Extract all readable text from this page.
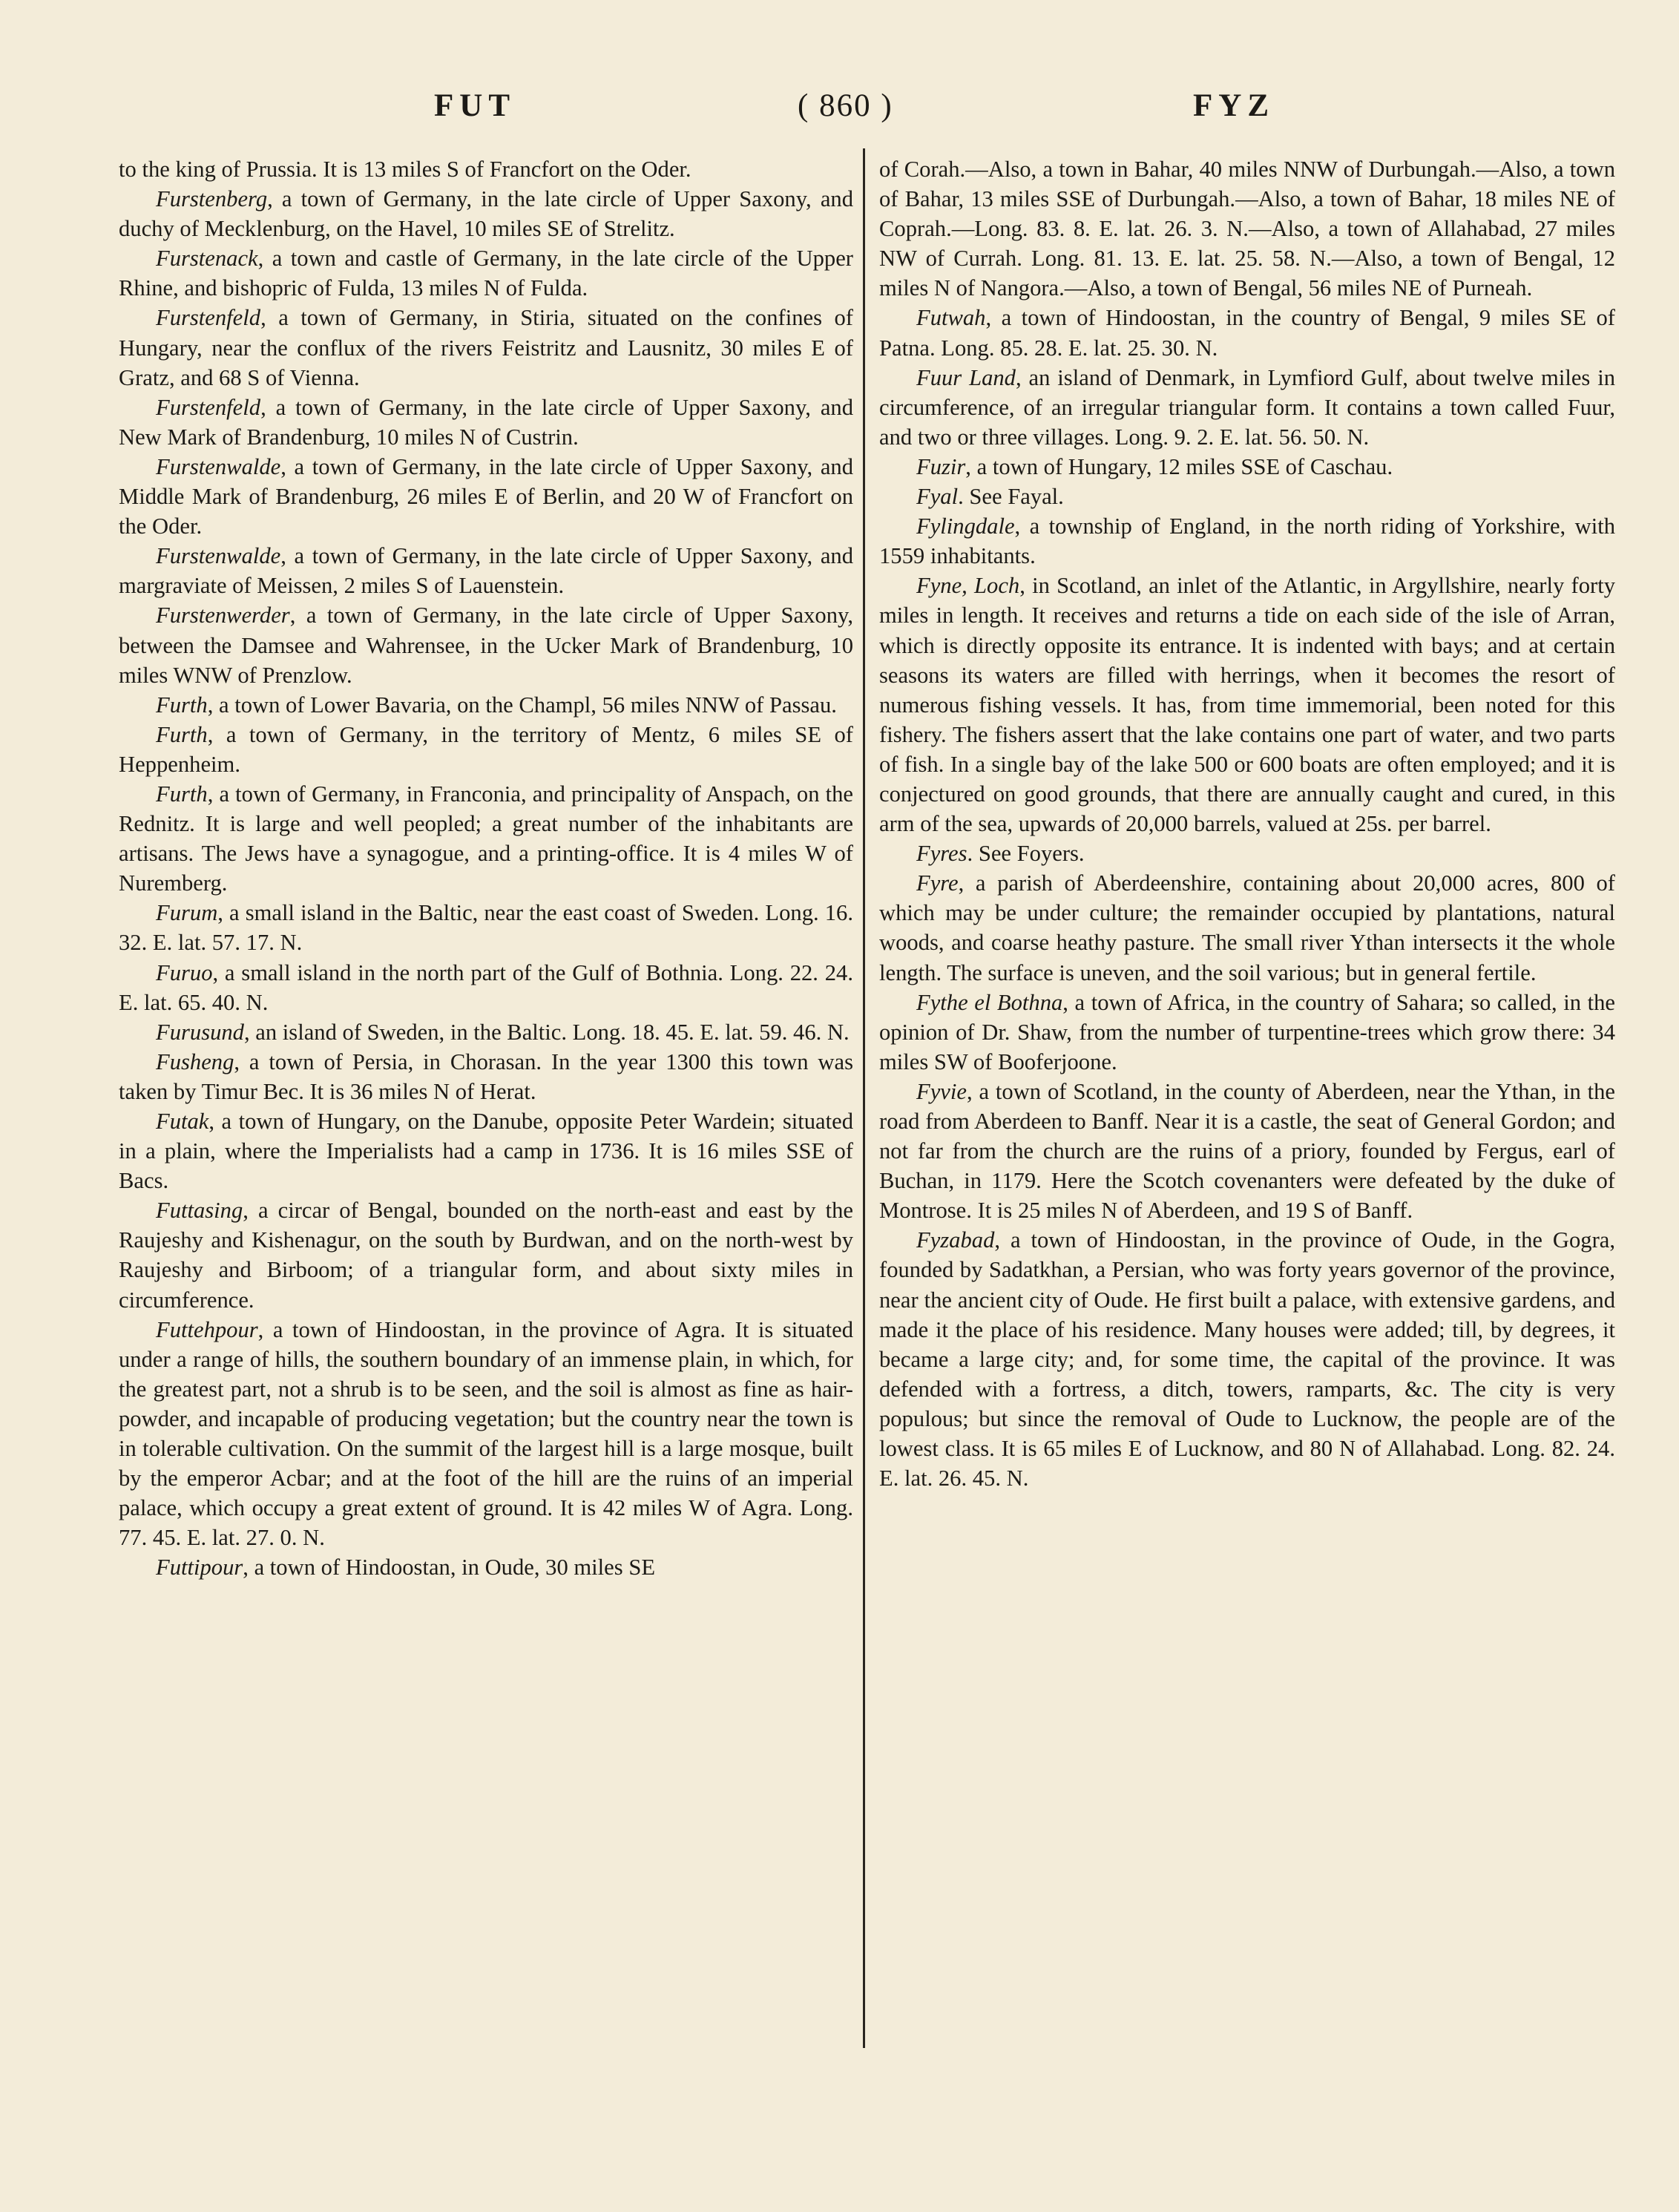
FUT	( 860 )	FYZ

to the king of Prussia. It is 13 miles S of Francfort on the Oder.

Furstenberg, a town of Germany, in the late circle of Upper Saxony, and duchy of Mecklenburg, on the Havel, 10 miles SE of Strelitz.

Furstenack, a town and castle of Germany, in the late circle of the Upper Rhine, and bishopric of Fulda, 13 miles N of Fulda.

Furstenfeld, a town of Germany, in Stiria, situated on the confines of Hungary, near the conflux of the rivers Feistritz and Lausnitz, 30 miles E of Gratz, and 68 S of Vienna.

Furstenfeld, a town of Germany, in the late circle of Upper Saxony, and New Mark of Brandenburg, 10 miles N of Custrin.

Furstenwalde, a town of Germany, in the late circle of Upper Saxony, and Middle Mark of Brandenburg, 26 miles E of Berlin, and 20 W of Francfort on the Oder.

Furstenwalde, a town of Germany, in the late circle of Upper Saxony, and margraviate of Meissen, 2 miles S of Lauenstein.

Furstenwerder, a town of Germany, in the late circle of Upper Saxony, between the Damsee and Wahrensee, in the Ucker Mark of Brandenburg, 10 miles WNW of Prenzlow.

Furth, a town of Lower Bavaria, on the Champl, 56 miles NNW of Passau.

Furth, a town of Germany, in the territory of Mentz, 6 miles SE of Heppenheim.

Furth, a town of Germany, in Franconia, and principality of Anspach, on the Rednitz. It is large and well peopled; a great number of the inhabitants are artisans. The Jews have a synagogue, and a printing-office. It is 4 miles W of Nuremberg.

Furum, a small island in the Baltic, near the east coast of Sweden. Long. 16. 32. E. lat. 57. 17. N.

Furuo, a small island in the north part of the Gulf of Bothnia. Long. 22. 24. E. lat. 65. 40. N.

Furusund, an island of Sweden, in the Baltic. Long. 18. 45. E. lat. 59. 46. N.

Fusheng, a town of Persia, in Chorasan. In the year 1300 this town was taken by Timur Bec. It is 36 miles N of Herat.

Futak, a town of Hungary, on the Danube, opposite Peter Wardein; situated in a plain, where the Imperialists had a camp in 1736. It is 16 miles SSE of Bacs.

Futtasing, a circar of Bengal, bounded on the north-east and east by the Raujeshy and Kishenagur, on the south by Burdwan, and on the north-west by Raujeshy and Birboom; of a triangular form, and about sixty miles in circumference.

Futtehpour, a town of Hindoostan, in the province of Agra. It is situated under a range of hills, the southern boundary of an immense plain, in which, for the greatest part, not a shrub is to be seen, and the soil is almost as fine as hair-powder, and incapable of producing vegetation; but the country near the town is in tolerable cultivation. On the summit of the largest hill is a large mosque, built by the emperor Acbar; and at the foot of the hill are the ruins of an imperial palace, which occupy a great extent of ground. It is 42 miles W of Agra. Long. 77. 45. E. lat. 27. 0. N.

Futtipour, a town of Hindoostan, in Oude, 30 miles SE

of Corah.—Also, a town in Bahar, 40 miles NNW of Durbungah.—Also, a town of Bahar, 13 miles SSE of Durbungah.—Also, a town of Bahar, 18 miles NE of Coprah.—Long. 83. 8. E. lat. 26. 3. N.—Also, a town of Allahabad, 27 miles NW of Currah. Long. 81. 13. E. lat. 25. 58. N.—Also, a town of Bengal, 12 miles N of Nangora.—Also, a town of Bengal, 56 miles NE of Purneah.

Futwah, a town of Hindoostan, in the country of Bengal, 9 miles SE of Patna. Long. 85. 28. E. lat. 25. 30. N.

Fuur Land, an island of Denmark, in Lymfiord Gulf, about twelve miles in circumference, of an irregular triangular form. It contains a town called Fuur, and two or three villages. Long. 9. 2. E. lat. 56. 50. N.

Fuzir, a town of Hungary, 12 miles SSE of Caschau.

Fyal. See Fayal.

Fylingdale, a township of England, in the north riding of Yorkshire, with 1559 inhabitants.

Fyne, Loch, in Scotland, an inlet of the Atlantic, in Argyllshire, nearly forty miles in length. It receives and returns a tide on each side of the isle of Arran, which is directly opposite its entrance. It is indented with bays; and at certain seasons its waters are filled with herrings, when it becomes the resort of numerous fishing vessels. It has, from time immemorial, been noted for this fishery. The fishers assert that the lake contains one part of water, and two parts of fish. In a single bay of the lake 500 or 600 boats are often employed; and it is conjectured on good grounds, that there are annually caught and cured, in this arm of the sea, upwards of 20,000 barrels, valued at 25s. per barrel.

Fyres. See Foyers.

Fyre, a parish of Aberdeenshire, containing about 20,000 acres, 800 of which may be under culture; the remainder occupied by plantations, natural woods, and coarse heathy pasture. The small river Ythan intersects it the whole length. The surface is uneven, and the soil various; but in general fertile.

Fythe el Bothna, a town of Africa, in the country of Sahara; so called, in the opinion of Dr. Shaw, from the number of turpentine-trees which grow there: 34 miles SW of Booferjoone.

Fyvie, a town of Scotland, in the county of Aberdeen, near the Ythan, in the road from Aberdeen to Banff. Near it is a castle, the seat of General Gordon; and not far from the church are the ruins of a priory, founded by Fergus, earl of Buchan, in 1179. Here the Scotch covenanters were defeated by the duke of Montrose. It is 25 miles N of Aberdeen, and 19 S of Banff.

Fyzabad, a town of Hindoostan, in the province of Oude, in the Gogra, founded by Sadatkhan, a Persian, who was forty years governor of the province, near the ancient city of Oude. He first built a palace, with extensive gardens, and made it the place of his residence. Many houses were added; till, by degrees, it became a large city; and, for some time, the capital of the province. It was defended with a fortress, a ditch, towers, ramparts, &c. The city is very populous; but since the removal of Oude to Lucknow, the people are of the lowest class. It is 65 miles E of Lucknow, and 80 N of Allahabad. Long. 82. 24. E. lat. 26. 45. N.
